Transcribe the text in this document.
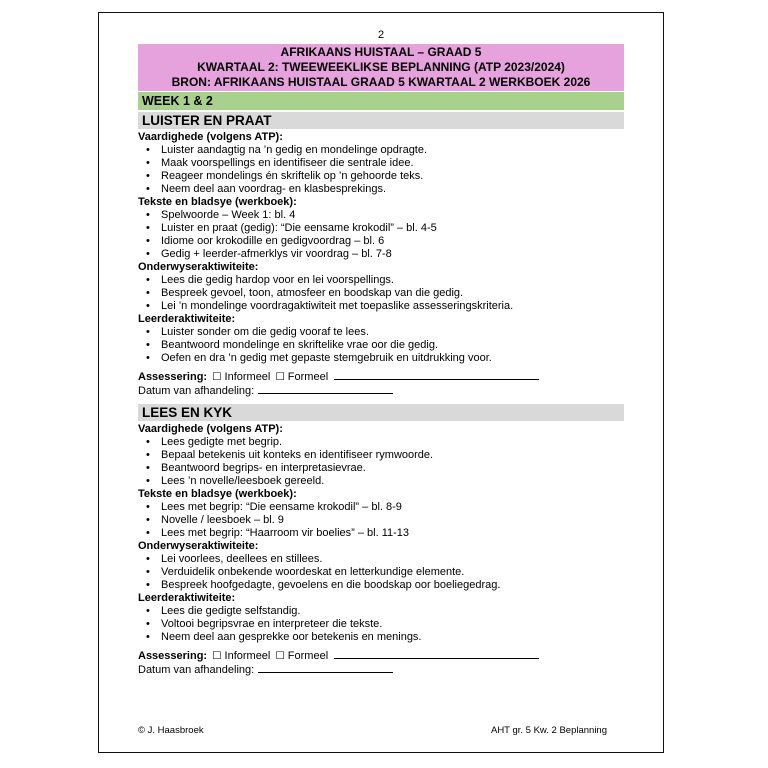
2
AFRIKAANS HUISTAAL – GRAAD 5
KWARTAAL 2: TWEEWEEKLIKSE BEPLANNING (ATP 2023/2024)
BRON: AFRIKAANS HUISTAAL GRAAD 5 KWARTAAL 2 WERKBOEK 2026
WEEK 1 & 2
LUISTER EN PRAAT
Vaardighede (volgens ATP):
•	Luister aandagtig na ’n gedig en mondelinge opdragte.
•	Maak voorspellings en identifiseer die sentrale idee.
•	Reageer mondelings én skriftelik op ’n gehoorde teks.
•	Neem deel aan voordrag- en klasbesprekings.
Tekste en bladsye (werkboek):
•	Spelwoorde – Week 1: bl. 4
•	Luister en praat (gedig): “Die eensame krokodil” – bl. 4-5
•	Idiome oor krokodille en gedigvoordrag – bl. 6
•	Gedig + leerder-afmerklys vir voordrag – bl. 7-8
Onderwyseraktiwiteite:
•	Lees die gedig hardop voor en lei voorspellings.
•	Bespreek gevoel, toon, atmosfeer en boodskap van die gedig.
•	Lei ’n mondelinge voordragaktiwiteit met toepaslike assesseringskriteria.
Leerderaktiwiteite:
•	Luister sonder om die gedig vooraf te lees.
•	Beantwoord mondelinge en skriftelike vrae oor die gedig.
•	Oefen en dra ’n gedig met gepaste stemgebruik en uitdrukking voor.
Assessering: ☐ Informeel ☐ Formeel
Datum van afhandeling:
LEES EN KYK
Vaardighede (volgens ATP):
•	Lees gedigte met begrip.
•	Bepaal betekenis uit konteks en identifiseer rymwoorde.
•	Beantwoord begrips- en interpretasievrae.
•	Lees ’n novelle/leesboek gereeld.
Tekste en bladsye (werkboek):
•	Lees met begrip: “Die eensame krokodil” – bl. 8-9
•	Novelle / leesboek – bl. 9
•	Lees met begrip: “Haarroom vir boelies” – bl. 11-13
Onderwyseraktiwiteite:
•	Lei voorlees, deellees en stillees.
•	Verduidelik onbekende woordeskat en letterkundige elemente.
•	Bespreek hoofgedagte, gevoelens en die boodskap oor boeliegedrag.
Leerderaktiwiteite:
•	Lees die gedigte selfstandig.
•	Voltooi begripsvrae en interpreteer die tekste.
•	Neem deel aan gesprekke oor betekenis en menings.
Assessering: ☐ Informeel ☐ Formeel
Datum van afhandeling:
© J. Haasbroek	AHT gr. 5 Kw. 2 Beplanning
